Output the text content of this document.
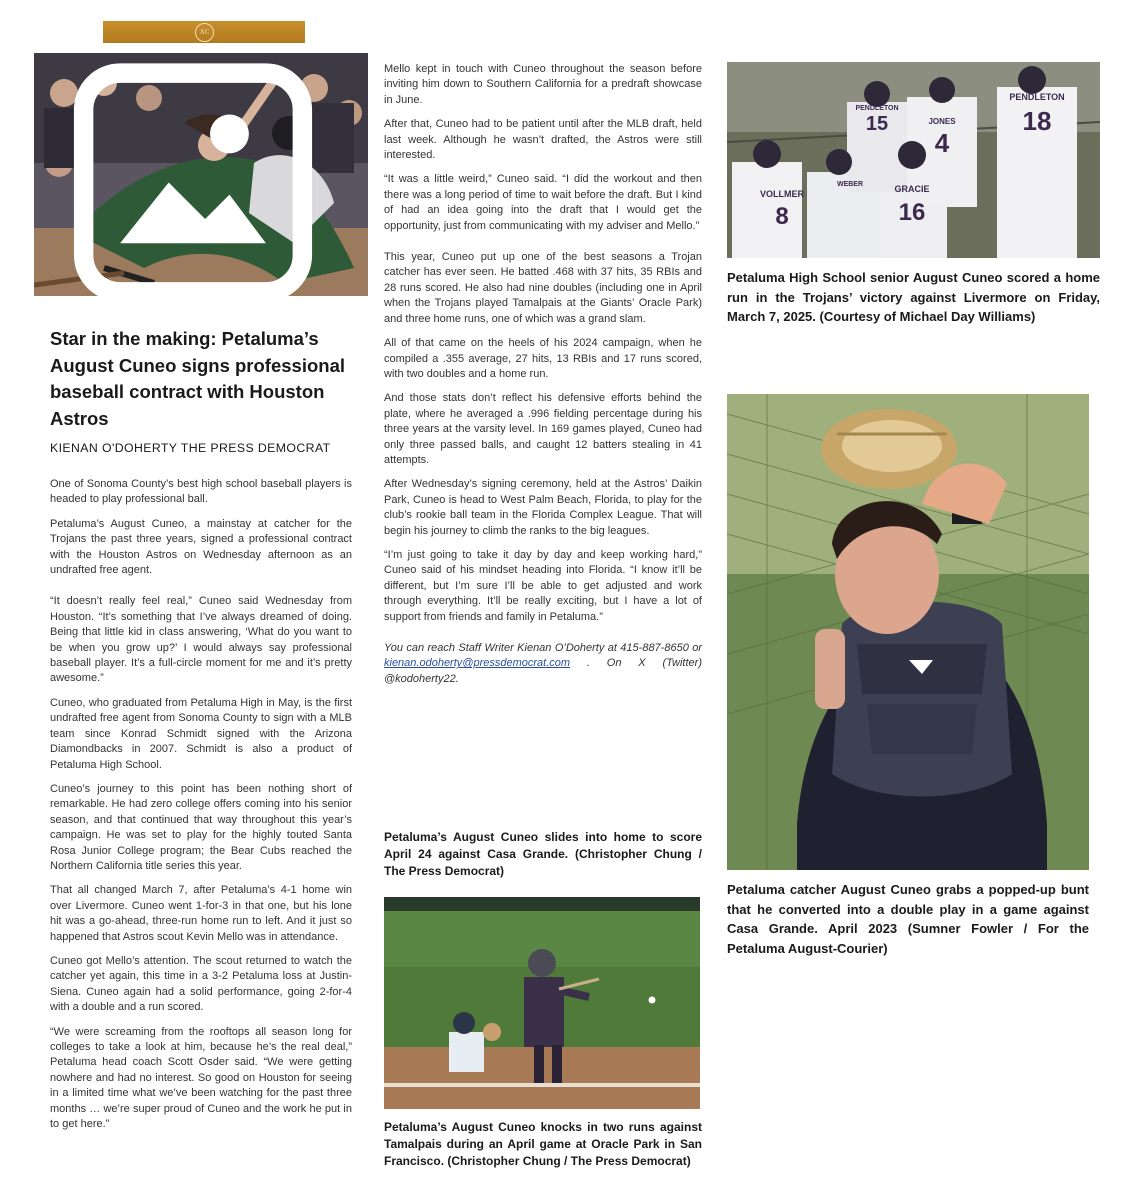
AC
Star in the making: Petaluma’s August Cuneo signs professional baseball contract with Houston Astros
KIENAN O'DOHERTY THE PRESS DEMOCRAT

One of Sonoma County’s best high school baseball players is headed to play professional ball.

Petaluma’s August Cuneo, a mainstay at catcher for the Trojans the past three years, signed a professional contract with the Houston Astros on Wednesday afternoon as an undrafted free agent.

“It doesn’t really feel real,” Cuneo said Wednesday from Houston. “It’s something that I’ve always dreamed of doing. Being that little kid in class answering, ‘What do you want to be when you grow up?’ I would always say professional baseball player. It’s a full-circle moment for me and it’s pretty awesome.”

Cuneo, who graduated from Petaluma High in May, is the first undrafted free agent from Sonoma County to sign with a MLB team since Konrad Schmidt signed with the Arizona Diamondbacks in 2007. Schmidt is also a product of Petaluma High School.

Cuneo’s journey to this point has been nothing short of remarkable. He had zero college offers coming into his senior season, and that continued that way throughout this year’s campaign. He was set to play for the highly touted Santa Rosa Junior College program; the Bear Cubs reached the Northern California title series this year.

That all changed March 7, after Petaluma’s 4-1 home win over Livermore. Cuneo went 1-for-3 in that one, but his lone hit was a go-ahead, three-run home run to left. And it just so happened that Astros scout Kevin Mello was in attendance.

Cuneo got Mello’s attention. The scout returned to watch the catcher yet again, this time in a 3-2 Petaluma loss at Justin-Siena. Cuneo again had a solid performance, going 2-for-4 with a double and a run scored.

“We were screaming from the rooftops all season long for colleges to take a look at him, because he’s the real deal,” Petaluma head coach Scott Osder said. “We were getting nowhere and had no interest. So good on Houston for seeing in a limited time what we’ve been watching for the past three months … we’re super proud of Cuneo and the work he put in to get here.”

Mello kept in touch with Cuneo throughout the season before inviting him down to Southern California for a predraft showcase in June.

After that, Cuneo had to be patient until after the MLB draft, held last week. Although he wasn’t drafted, the Astros were still interested.

“It was a little weird,” Cuneo said. “I did the workout and then there was a long period of time to wait before the draft. But I kind of had an idea going into the draft that I would get the opportunity, just from communicating with my adviser and Mello.”

This year, Cuneo put up one of the best seasons a Trojan catcher has ever seen. He batted .468 with 37 hits, 35 RBIs and 28 runs scored. He also had nine doubles (including one in April when the Trojans played Tamalpais at the Giants’ Oracle Park) and three home runs, one of which was a grand slam.

All of that came on the heels of his 2024 campaign, when he compiled a .355 average, 27 hits, 13 RBIs and 17 runs scored, with two doubles and a home run.

And those stats don’t reflect his defensive efforts behind the plate, where he averaged a .996 fielding percentage during his three years at the varsity level. In 169 games played, Cuneo had only three passed balls, and caught 12 batters stealing in 41 attempts.

After Wednesday’s signing ceremony, held at the Astros’ Daikin Park, Cuneo is head to West Palm Beach, Florida, to play for the club’s rookie ball team in the Florida Complex League. That will begin his journey to climb the ranks to the big leagues.

“I’m just going to take it day by day and keep working hard,” Cuneo said of his mindset heading into Florida. “I know it’ll be different, but I’m sure I’ll be able to get adjusted and work through everything. It’ll be really exciting, but I have a lot of support from friends and family in Petaluma.”

You can reach Staff Writer Kienan O’Doherty at 415-887-8650 or kienan.odoherty@pressdemocrat.com . On X (Twitter) @kodoherty22.

Petaluma’s August Cuneo slides into home to score April 24 against Casa Grande. (Christopher Chung / The Press Democrat)
Petaluma’s August Cuneo knocks in two runs against Tamalpais during an April game at Oracle Park in San Francisco. (Christopher Chung / The Press Democrat)
PENDLETON
18
JONES
4
PENDLETON
15
VOLLMER
8
WEBER	GRACIE
16
Petaluma High School senior August Cuneo scored a home run in the Trojans’ victory against Livermore on Friday, March 7, 2025. (Courtesy of Michael Day Williams)
Petaluma catcher August Cuneo grabs a popped-up bunt that he converted into a double play in a game against Casa Grande. April 2023 (Sumner Fowler / For the Petaluma August-Courier)
